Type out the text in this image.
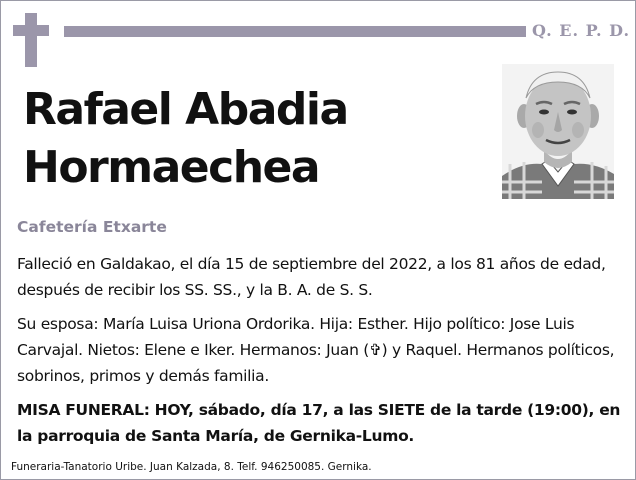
Q. E. P. D.
Rafael Abadia
Hormaechea
Cafetería Etxarte

Falleció en Galdakao, el día 15 de septiembre del 2022, a los 81 años de edad, después de recibir los SS. SS., y la B. A. de S. S.

Su esposa: María Luisa Uriona Ordorika. Hija: Esther. Hijo político: Jose Luis Carvajal. Nietos: Elene e Iker. Hermanos: Juan (✞) y Raquel. Hermanos políticos, sobrinos, primos y demás familia.

MISA FUNERAL: HOY, sábado, día 17, a las SIETE de la tarde (19:00), en la parroquia de Santa María, de Gernika-Lumo.

Funeraria-Tanatorio Uribe. Juan Kalzada, 8. Telf. 946250085. Gernika.
